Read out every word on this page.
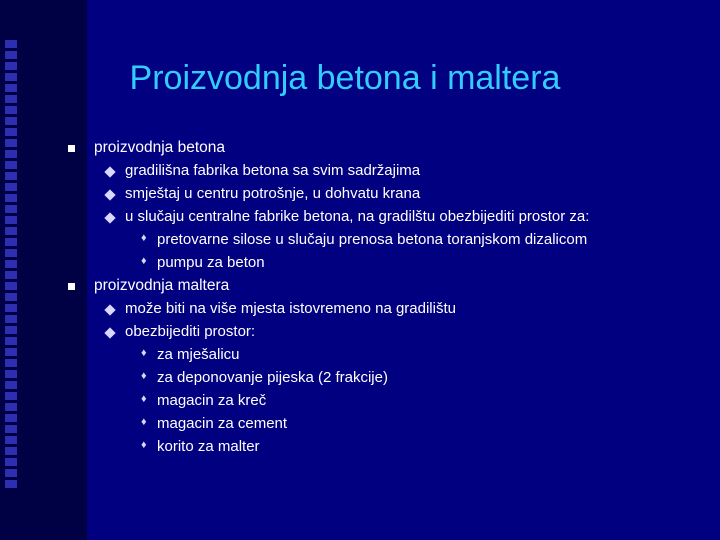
Proizvodnja betona i maltera
proizvodnja betona
gradilišna fabrika betona sa svim sadržajima
smještaj u centru potrošnje, u dohvatu krana
u slučaju centralne fabrike betona, na gradilštu obezbijediti prostor za:
♦ pretovarne silose u slučaju prenosa betona toranjskom dizalicom
♦ pumpu za beton
proizvodnja maltera
može biti na više mjesta istovremeno na gradilištu
obezbijediti prostor:
♦ za mješalicu
♦ za deponovanje pijeska (2 frakcije)
♦ magacin za kreč
♦ magacin za cement
♦ korito za malter
